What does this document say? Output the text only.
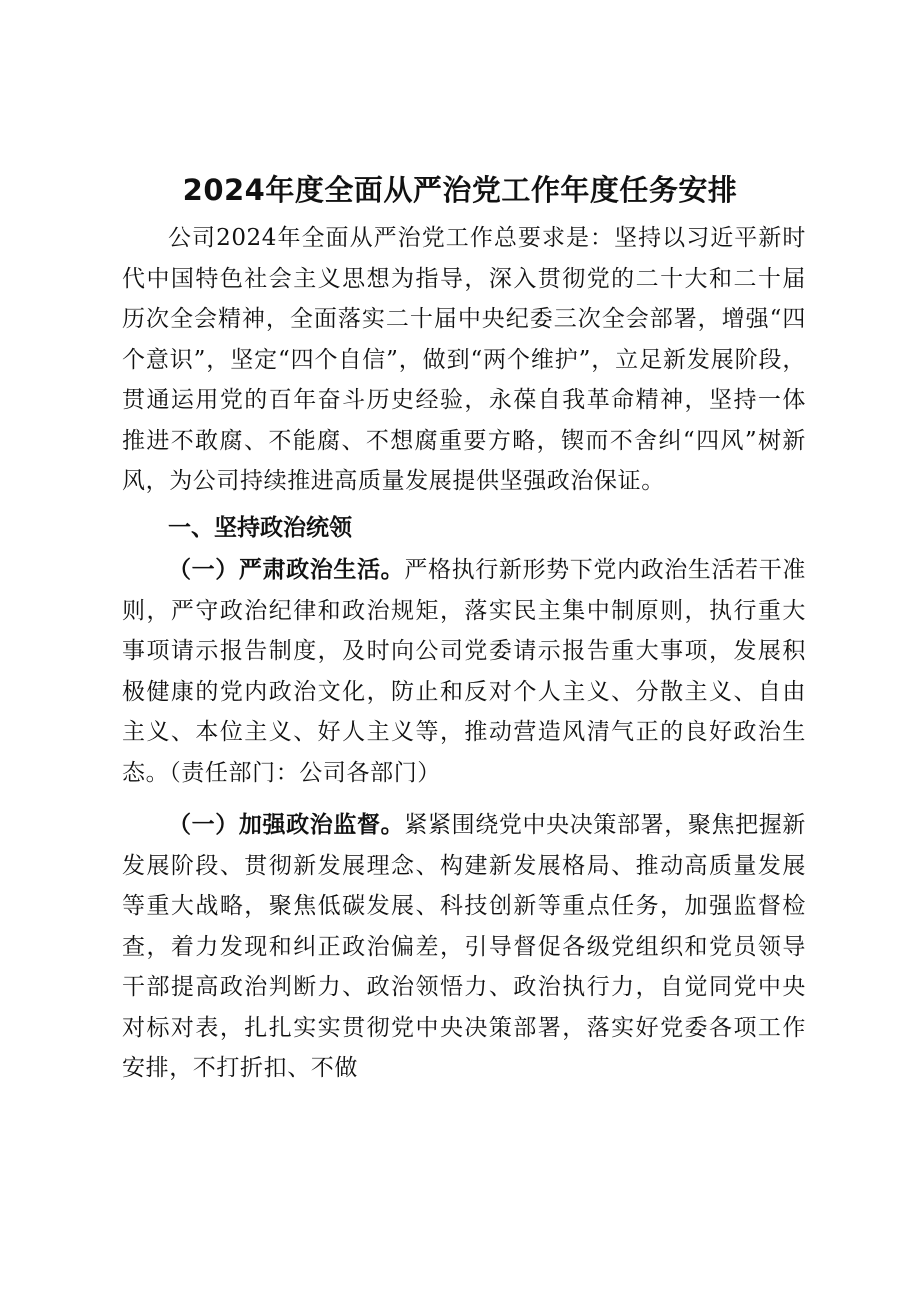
2024年度全面从严治党工作年度任务安排

公司2024年全面从严治党工作总要求是：坚持以习近平新时代中国特色社会主义思想为指导，深入贯彻党的二十大和二十届历次全会精神，全面落实二十届中央纪委三次全会部署，增强“四个意识”，坚定“四个自信”，做到“两个维护”，立足新发展阶段，贯通运用党的百年奋斗历史经验，永葆自我革命精神，坚持一体推进不敢腐、不能腐、不想腐重要方略，锲而不舍纠“四风”树新风，为公司持续推进高质量发展提供坚强政治保证。

一、坚持政治统领

（一）严肃政治生活。严格执行新形势下党内政治生活若干准则，严守政治纪律和政治规矩，落实民主集中制原则，执行重大事项请示报告制度，及时向公司党委请示报告重大事项，发展积极健康的党内政治文化，防止和反对个人主义、分散主义、自由主义、本位主义、好人主义等，推动营造风清气正的良好政治生态。（责任部门：公司各部门）

（一）加强政治监督。紧紧围绕党中央决策部署，聚焦把握新发展阶段、贯彻新发展理念、构建新发展格局、推动高质量发展等重大战略，聚焦低碳发展、科技创新等重点任务，加强监督检查，着力发现和纠正政治偏差，引导督促各级党组织和党员领导干部提高政治判断力、政治领悟力、政治执行力，自觉同党中央对标对表，扎扎实实贯彻党中央决策部署，落实好党委各项工作安排，不打折扣、不做
